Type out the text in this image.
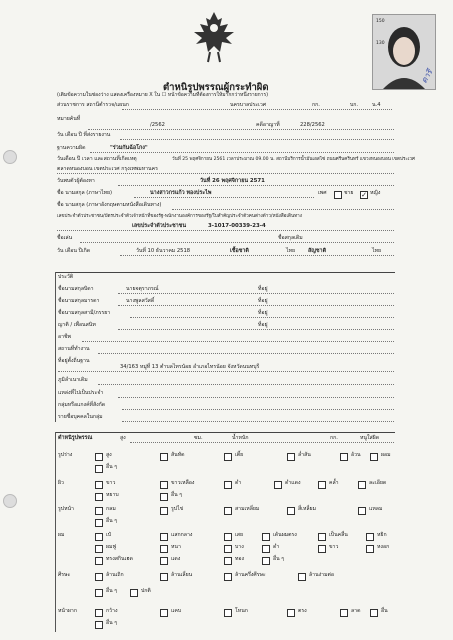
150
130
ดารี
ตำหนิรูปพรรณผู้กระทำผิด
(เติมข้อความในช่องว่าง แสดงเครื่องหมาย X ใน ☐ หน้าข้อความที่ต้องการให้มากกว่าหนึ่งรายการ)
ส่วนราชการ สถานีตำรวจ/แผนก	นครบาลประเวศ	กก.	บก.	น.4
หมายค้นที่
/2562	คดีอาญาที่	228/2562
วัน เดือน ปี ที่ส่งรายงาน
ฐานความผิด	"ร่วมกันฉ้อโกง"
วันเดือน ปี เวลา และสถานที่เกิดเหตุ	วันที่ 25 พฤศจิกายน 2561 เวลาประมาณ 09.00 น. สถานีบริการน้ำมันเอสโซ่ ถนนศรีนครินทร์ แขวงหนองบอน เขตประเวศ
ตลาดหนองบอน เขตประเวศ กรุงเทพมหานคร
วันพบตัวผู้ต้องหา	วันที่ 26 พฤศจิกายน 2571
ชื่อ นามสกุล (ภาษาไทย)	นางสาวกรแก้ว ทองประไพ	เพศ	ชาย ✓ หญิง
ชื่อ นามสกุล (ภาษาอังกฤษตามหนังสือเดินทาง)
เลขประจำตัวประชาชน/บัตรประจำตัวเจ้าหน้าที่ของรัฐ-พนักงานองค์การของรัฐ/ใบสำคัญประจำตัวคนต่างด้าว/หนังสือเดินทาง
เลขประจำตัวประชาชน	3-1017-00339-23-4
ชื่อเล่น	ชื่อสกุลเดิม
วัน เดือน ปีเกิด	วันที่ 10 ธันวาคม 2518	เชื้อชาติ	ไทย สัญชาติ	ไทย
ประวัติ
ชื่อนามสกุลบิดา	นายจตุราภรณ์	ที่อยู่
ชื่อนามสกุลมารดา	นางพูลสวัสดิ์	ที่อยู่
ชื่อนามสกุลสามี/ภรรยา	ที่อยู่
ญาติ / เพื่อนสนิท	ที่อยู่
อาชีพ
สถานที่ทำงาน
ที่อยู่ตั้งถิ่นฐาน
34/163 หมู่ที่ 13 ตำบลไทรน้อย อำเภอไทรน้อย จังหวัดนนทบุรี
ภูมิลำเนาเดิม
แหล่งที่ไปเป็นประจำ
กลุ่มหรือแกงค์ที่สังกัด
รายชื่อบุคคลในกลุ่ม
ตำหนิรูปพรรณ	สูง	ซม.	น้ำหนัก	กก.	หนูใส่ผิด
รูปร่าง	สูง	สันทัด	เตี้ย	ล่ำสัน	อ้วน	ผอม
อื่น ๆ
ผิว	ขาว	ขาวเหลือง	ดำ	ดำแดง	คล้ำ	ละเอียด
หยาบ	อื่น ๆ
รูปหน้า	กลม	รูปไข่	สามเหลี่ยม	สี่เหลี่ยม	แหลม
อื่น ๆ
ผม	เป๋	แสกกลาง	เสย	เด้นผมตรง	เป็นคลื่น	หยิก
ผมฟู	หนา	บาง	ดำ	ขาว	หงอก
ทรงสกินเฮด	แดง	ทอง	อื่น ๆ
ศีรษะ	ล้านเถิก	ล้านเลี่ยน	ล้านครึ่งศีรษะ	ล้านง่ามต่อ
อื่น ๆ	ปกติ
หน้าผาก	กว้าง	แคบ	โหนก	ตรง	ลาด	อื่น
อื่น ๆ
